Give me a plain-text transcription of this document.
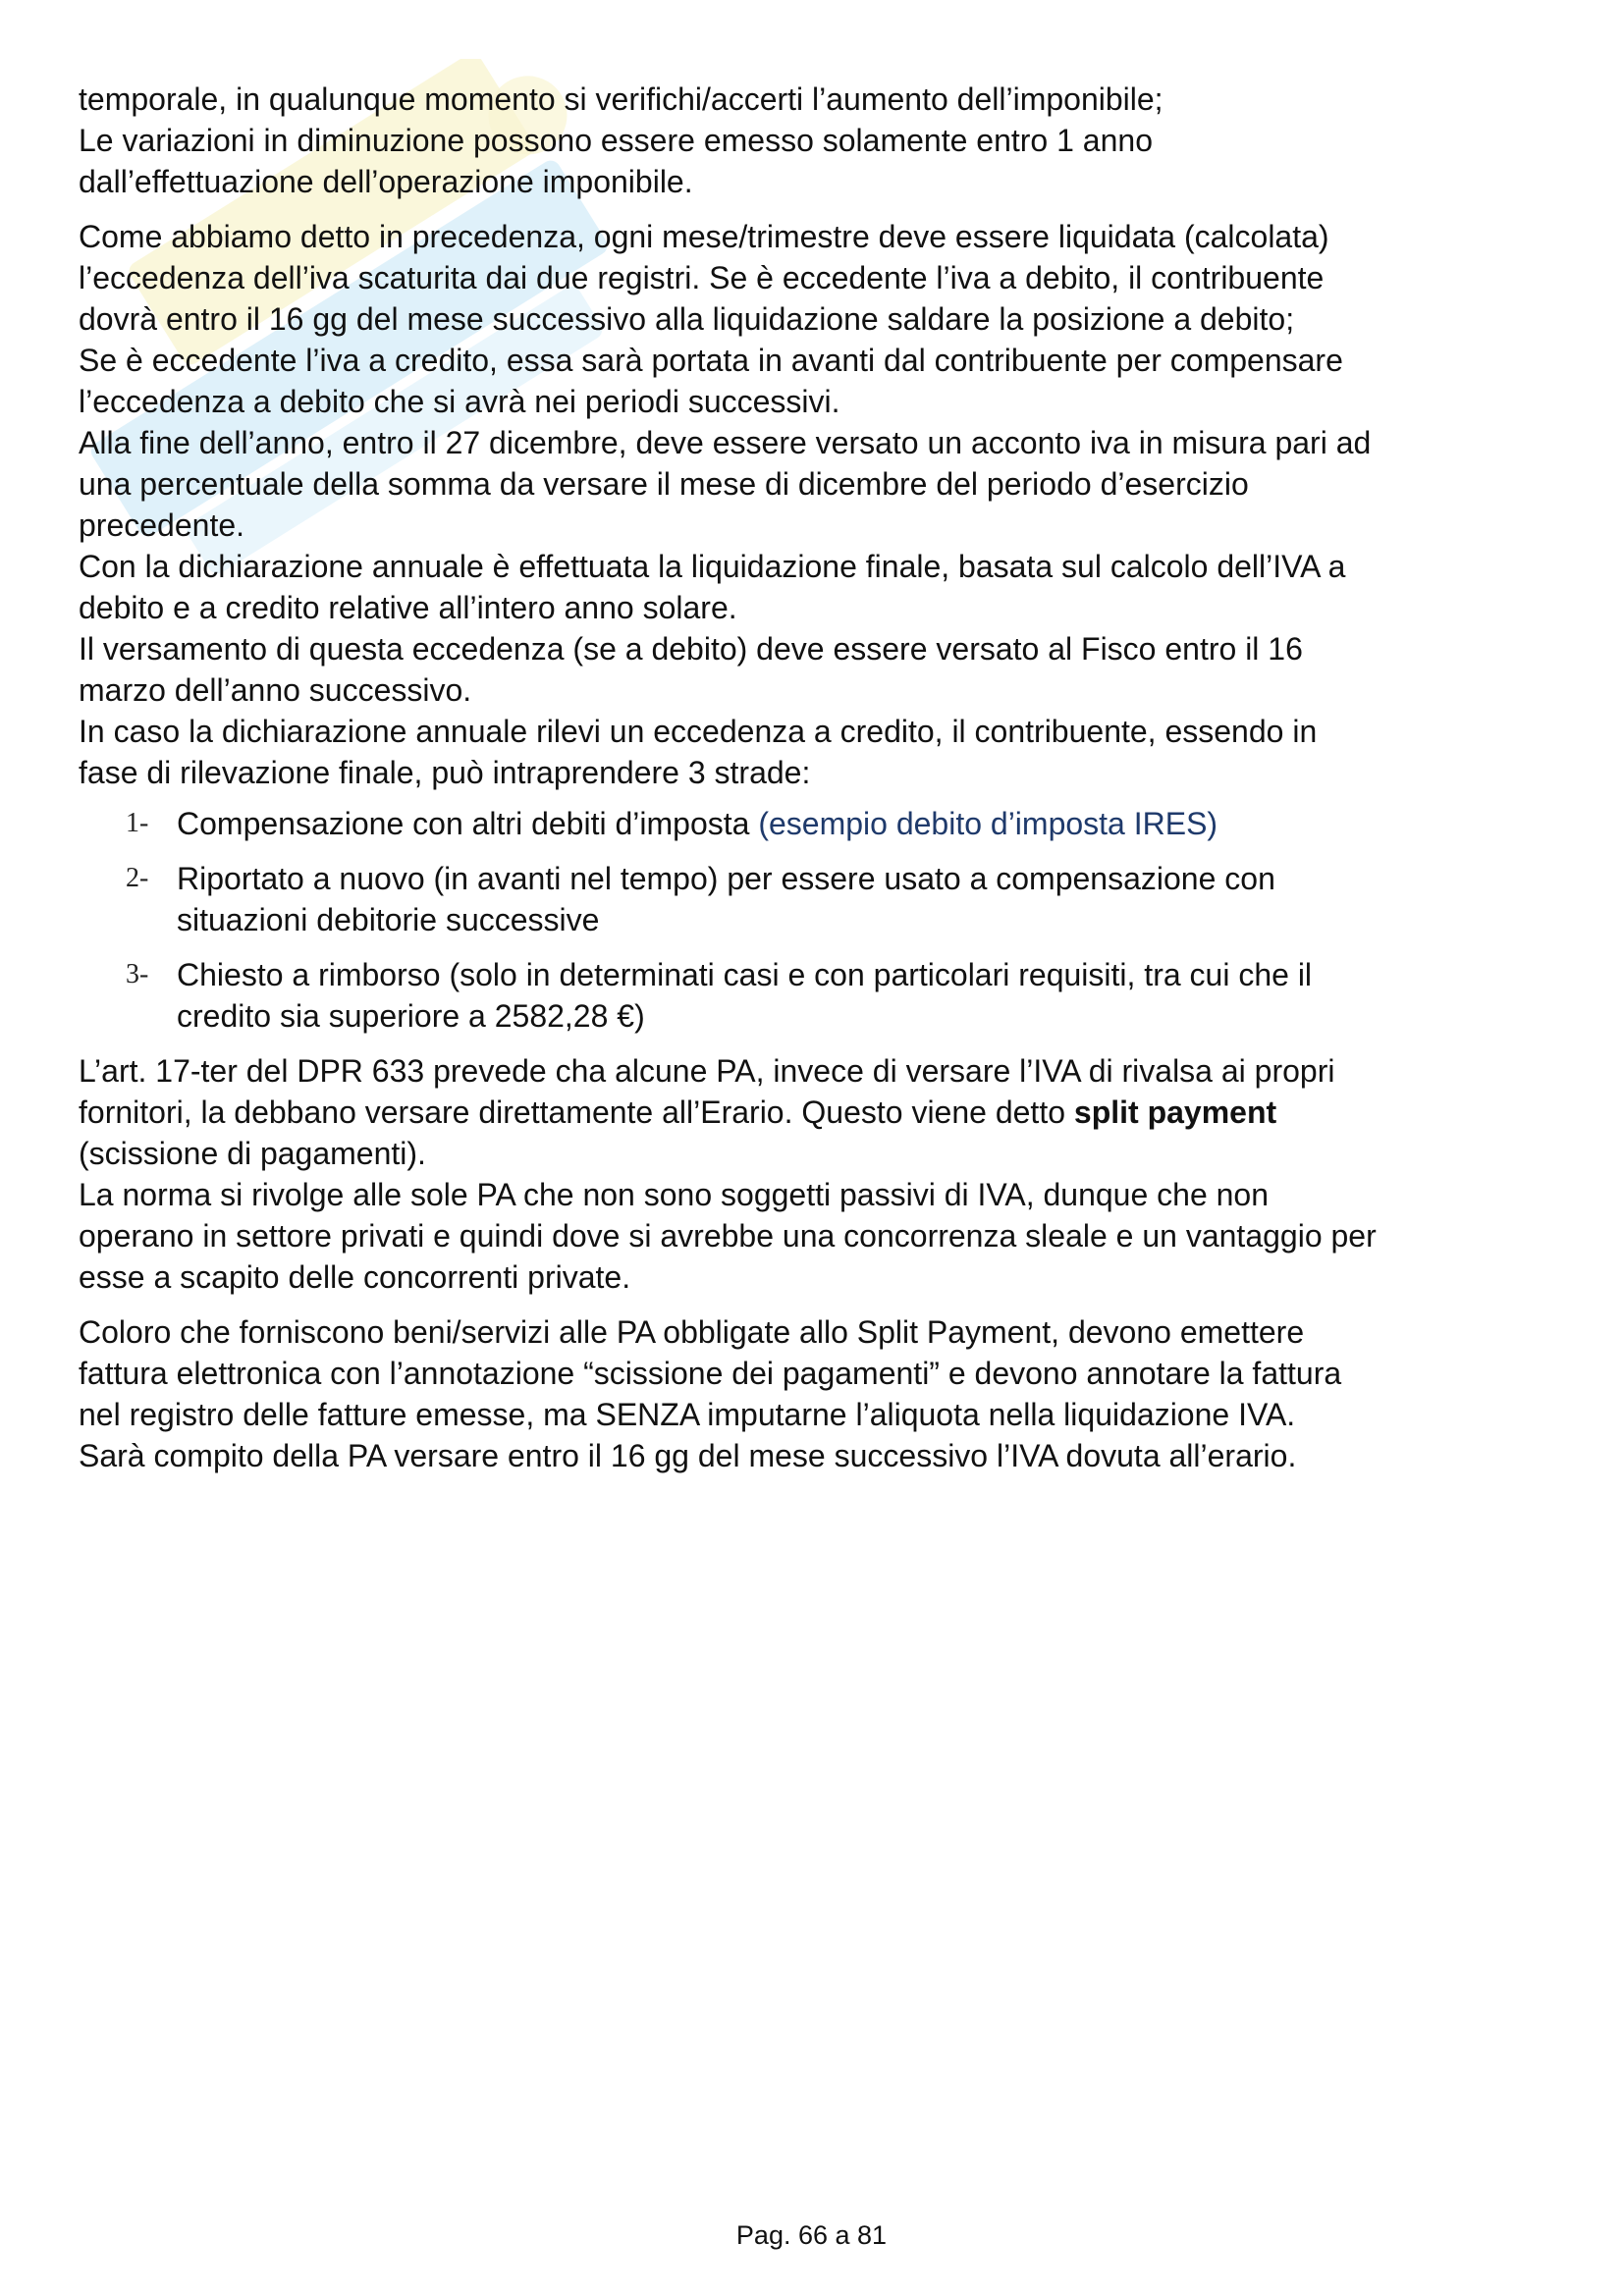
temporale, in qualunque momento si verifichi/accerti l’aumento dell’imponibile;
Le variazioni in diminuzione possono essere emesso solamente entro 1 anno
dall’effettuazione dell’operazione imponibile.

Come abbiamo detto in precedenza, ogni mese/trimestre deve essere liquidata (calcolata)
l’eccedenza dell’iva scaturita dai due registri. Se è eccedente l’iva a debito, il contribuente
dovrà entro il 16 gg del mese successivo alla liquidazione saldare la posizione a debito;
Se è eccedente l’iva a credito, essa sarà portata in avanti dal contribuente per compensare
l’eccedenza a debito che si avrà nei periodi successivi.
Alla fine dell’anno, entro il 27 dicembre, deve essere versato un acconto iva in misura pari ad
una percentuale della somma da versare il mese di dicembre del periodo d’esercizio
precedente.
Con la dichiarazione annuale è effettuata la liquidazione finale, basata sul calcolo dell’IVA a
debito e a credito relative all’intero anno solare.
Il versamento di questa eccedenza (se a debito) deve essere versato al Fisco entro il 16
marzo dell’anno successivo.
In caso la dichiarazione annuale rilevi un eccedenza a credito, il contribuente, essendo in
fase di rilevazione finale, può intraprendere 3 strade:

1- Compensazione con altri debiti d’imposta (esempio debito d’imposta IRES)
2- Riportato a nuovo (in avanti nel tempo) per essere usato a compensazione con
situazioni debitorie successive
3- Chiesto a rimborso (solo in determinati casi e con particolari requisiti, tra cui che il
credito sia superiore a 2582,28 €)

L’art. 17-ter del DPR 633 prevede cha alcune PA, invece di versare l’IVA di rivalsa ai propri
fornitori, la debbano versare direttamente all’Erario. Questo viene detto split payment
(scissione di pagamenti).
La norma si rivolge alle sole PA che non sono soggetti passivi di IVA, dunque che non
operano in settore privati e quindi dove si avrebbe una concorrenza sleale e un vantaggio per
esse a scapito delle concorrenti private.

Coloro che forniscono beni/servizi alle PA obbligate allo Split Payment, devono emettere
fattura elettronica con l’annotazione “scissione dei pagamenti” e devono annotare la fattura
nel registro delle fatture emesse, ma SENZA imputarne l’aliquota nella liquidazione IVA.
Sarà compito della PA versare entro il 16 gg del mese successivo l’IVA dovuta all’erario.

Pag. 66 a 81
